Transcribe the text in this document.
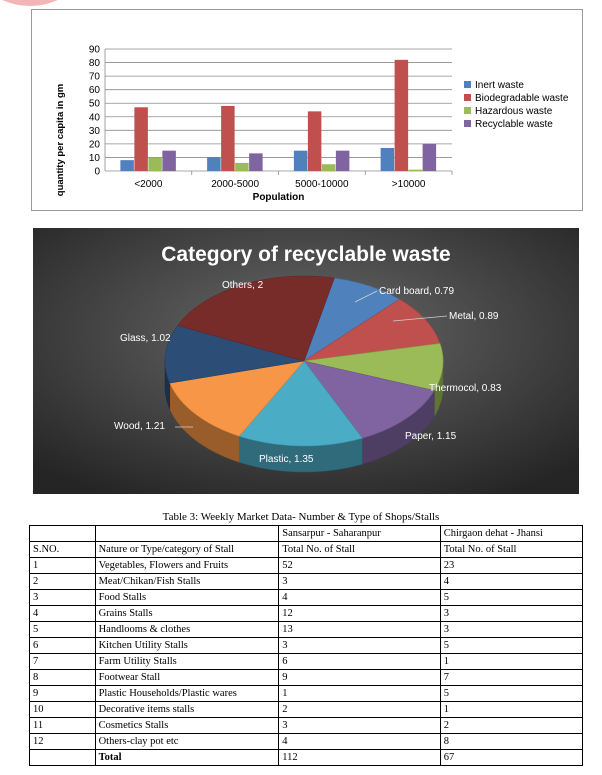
0
10
20
30
40
50
60
70
80
90
<2000	2000-5000	5000-10000	>10000
Population
quantity per capita in gm	Inert waste
Biodegradable waste
Hazardous waste
Recyclable waste
Category of recyclable waste
Card board, 0.79
Metal, 0.89
Thermocol, 0.83
Paper, 1.15
Plastic, 1.35
Wood, 1.21
Glass, 1.02
Others, 2
Table 3: Weekly Market Data- Number & Type of Shops/Stalls
		Sansarpur - Saharanpur	Chirgaon dehat - Jhansi
S.NO.	Nature or Type/category of Stall	Total No. of Stall	Total No. of Stall
1	Vegetables, Flowers and Fruits	52	23
2	Meat/Chikan/Fish Stalls	3	4
3	Food Stalls	4	5
4	Grains Stalls	12	3
5	Handlooms & clothes	13	3
6	Kitchen Utility Stalls	3	5
7	Farm Utility Stalls	6	1
8	Footwear Stall	9	7
9	Plastic Households/Plastic wares	1	5
10	Decorative items stalls	2	1
11	Cosmetics Stalls	3	2
12	Others-clay pot etc	4	8
	Total	112	67
